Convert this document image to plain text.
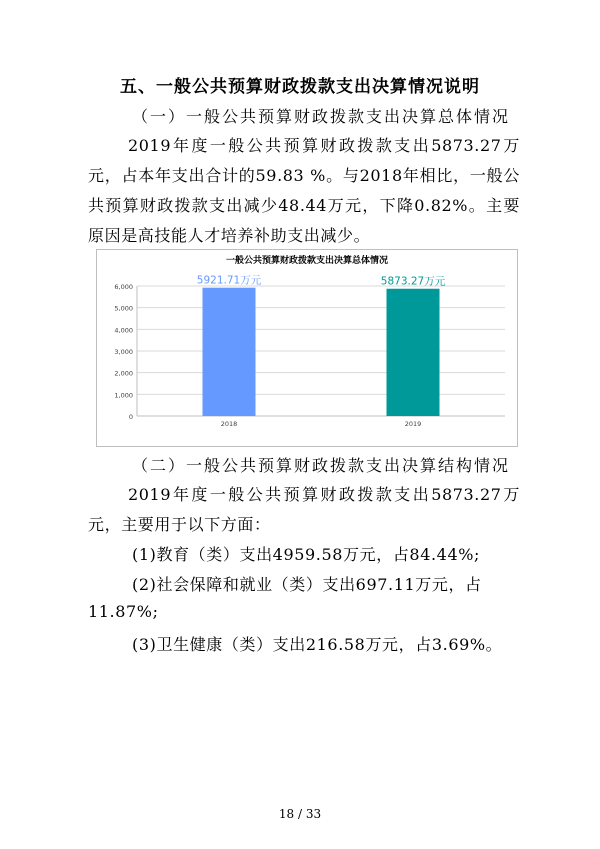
五、一般公共预算财政拨款支出决算情况说明
（一）一般公共预算财政拨款支出决算总体情况
2019年度一般公共预算财政拨款支出5873.27万元，占本年支出合计的59.83 %。与2018年相比，一般公共预算财政拨款支出减少48.44万元，下降0.82%。主要原因是高技能人才培养补助支出减少。
一般公共预算财政拨款支出决算总体情况
0
1,000
2,000
3,000
4,000
5,000
6,000
5921.71万元
2018
5873.27万元
2019
（二）一般公共预算财政拨款支出决算结构情况
2019年度一般公共预算财政拨款支出5873.27万元，主要用于以下方面：
(1)教育（类）支出4959.58万元，占84.44%;
(2)社会保障和就业（类）支出697.11万元，占
11.87%;
(3)卫生健康（类）支出216.58万元，占3.69%。
18 / 33
